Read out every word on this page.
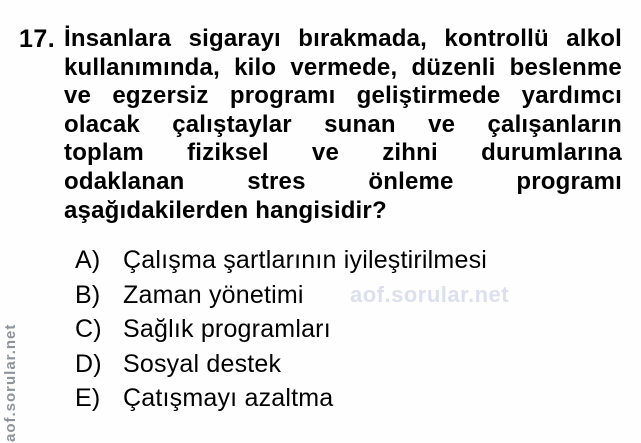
17. İnsanlara sigarayı bırakmada, kontrollü alkol
kullanımında, kilo vermede, düzenli beslenme
ve egzersiz programı geliştirmede yardımcı
olacak çalıştaylar sunan ve çalışanların
toplam fiziksel ve zihni durumlarına
odaklanan	stres	önleme	programı
aşağıdakilerden hangisidir?
A) Çalışma şartlarının iyileştirilmesi
B) Zaman yönetimi
C) Sağlık programları
D) Sosyal destek
E) Çatışmayı azaltma
aof.sorular.net
aof.sorular.net
